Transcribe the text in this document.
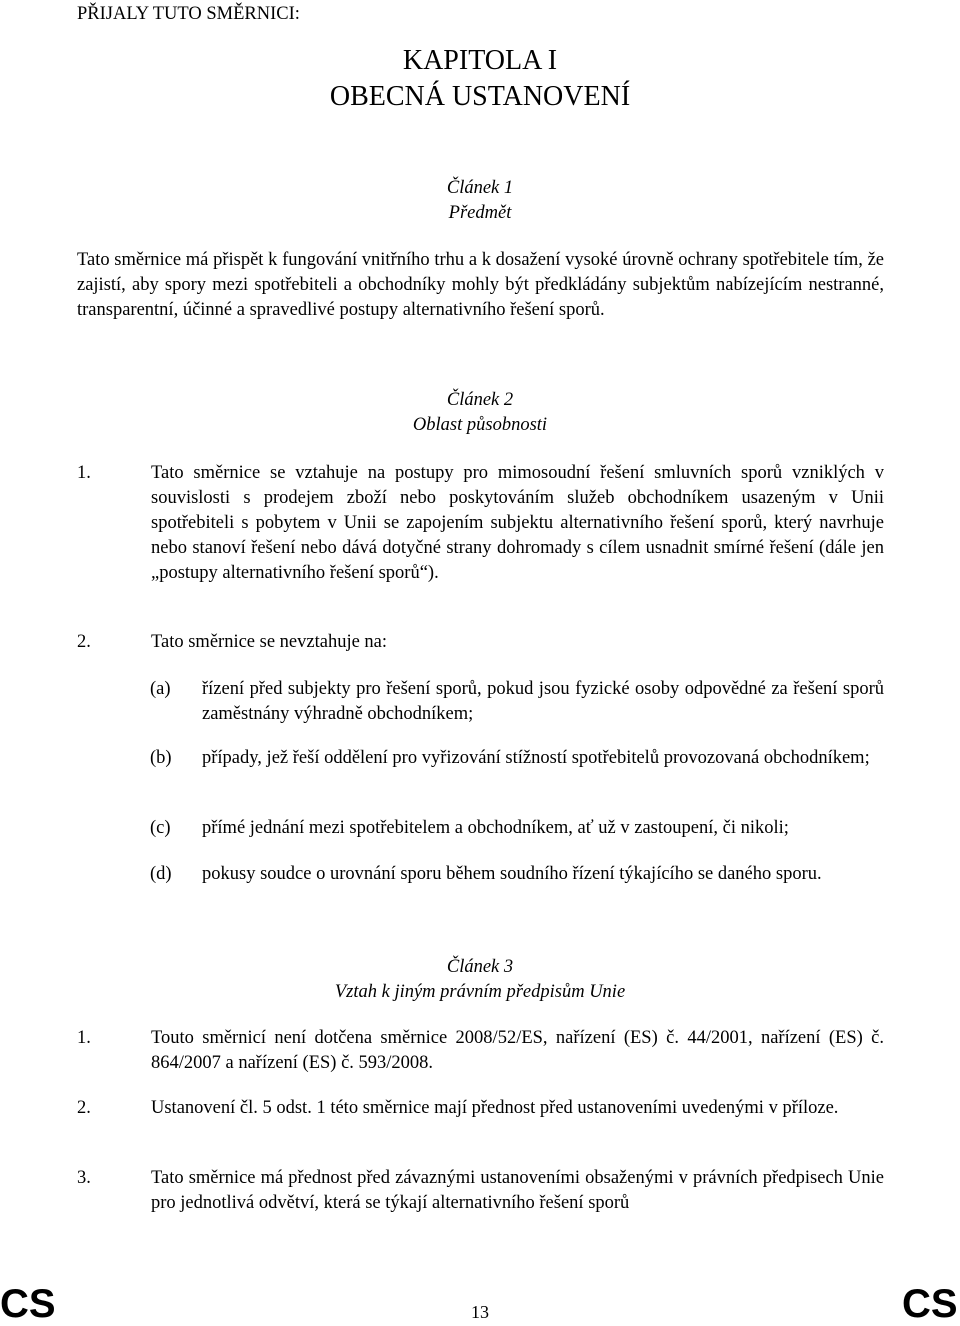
PŘIJALY TUTO SMĚRNICI:
KAPITOLA I
OBECNÁ USTANOVENÍ
Článek 1
Předmět
Tato směrnice má přispět k fungování vnitřního trhu a k dosažení vysoké úrovně ochrany spotřebitele tím, že zajistí, aby spory mezi spotřebiteli a obchodníky mohly být předkládány subjektům nabízejícím nestranné, transparentní, účinné a spravedlivé postupy alternativního řešení sporů.
Článek 2
Oblast působnosti
1.	Tato směrnice se vztahuje na postupy pro mimosoudní řešení smluvních sporů vzniklých v souvislosti s prodejem zboží nebo poskytováním služeb obchodníkem usazeným v Unii spotřebiteli s pobytem v Unii se zapojením subjektu alternativního řešení sporů, který navrhuje nebo stanoví řešení nebo dává dotyčné strany dohromady s cílem usnadnit smírné řešení (dále jen „postupy alternativního řešení sporů“).
2.	Tato směrnice se nevztahuje na:
(a) řízení před subjekty pro řešení sporů, pokud jsou fyzické osoby odpovědné za řešení sporů zaměstnány výhradně obchodníkem;
(b) případy, jež řeší oddělení pro vyřizování stížností spotřebitelů provozovaná obchodníkem;
(c) přímé jednání mezi spotřebitelem a obchodníkem, ať už v zastoupení, či nikoli;
(d) pokusy soudce o urovnání sporu během soudního řízení týkajícího se daného sporu.
Článek 3
Vztah k jiným právním předpisům Unie
1.	Touto směrnicí není dotčena směrnice 2008/52/ES, nařízení (ES) č. 44/2001, nařízení (ES) č. 864/2007 a nařízení (ES) č. 593/2008.
2.	Ustanovení čl. 5 odst. 1 této směrnice mají přednost před ustanoveními uvedenými v příloze.
3.	Tato směrnice má přednost před závaznými ustanoveními obsaženými v právních předpisech Unie pro jednotlivá odvětví, která se týkají alternativního řešení sporů
CS	13	CS
